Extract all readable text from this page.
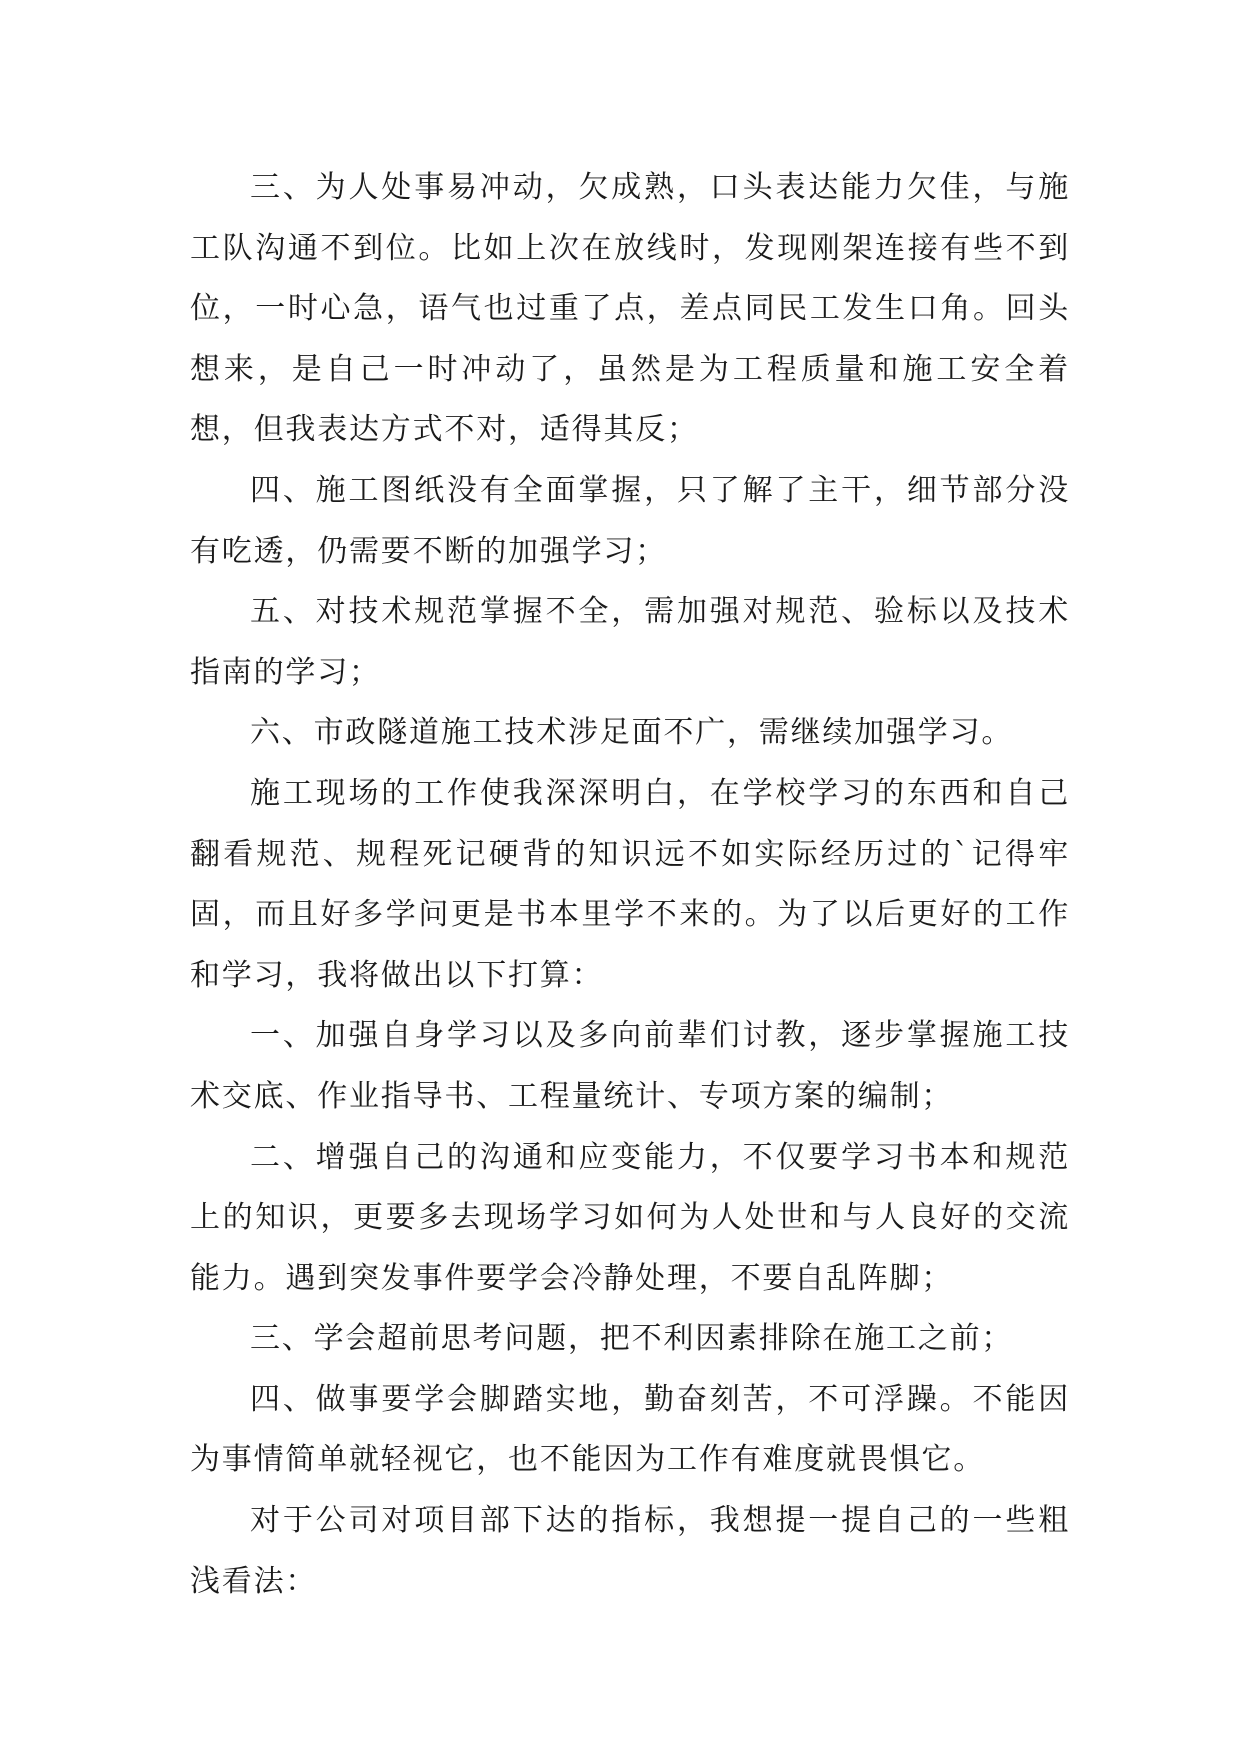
三、为人处事易冲动，欠成熟，口头表达能力欠佳，与施工队沟通不到位。比如上次在放线时，发现刚架连接有些不到位，一时心急，语气也过重了点，差点同民工发生口角。回头想来，是自己一时冲动了，虽然是为工程质量和施工安全着想，但我表达方式不对，适得其反；

四、施工图纸没有全面掌握，只了解了主干，细节部分没有吃透，仍需要不断的加强学习；

五、对技术规范掌握不全，需加强对规范、验标以及技术指南的学习；

六、市政隧道施工技术涉足面不广，需继续加强学习。

施工现场的工作使我深深明白，在学校学习的东西和自己翻看规范、规程死记硬背的知识远不如实际经历过的`记得牢固，而且好多学问更是书本里学不来的。为了以后更好的工作和学习，我将做出以下打算：

一、加强自身学习以及多向前辈们讨教，逐步掌握施工技术交底、作业指导书、工程量统计、专项方案的编制；

二、增强自己的沟通和应变能力，不仅要学习书本和规范上的知识，更要多去现场学习如何为人处世和与人良好的交流能力。遇到突发事件要学会冷静处理，不要自乱阵脚；

三、学会超前思考问题，把不利因素排除在施工之前；

四、做事要学会脚踏实地，勤奋刻苦，不可浮躁。不能因为事情简单就轻视它，也不能因为工作有难度就畏惧它。

对于公司对项目部下达的指标，我想提一提自己的一些粗浅看法：
